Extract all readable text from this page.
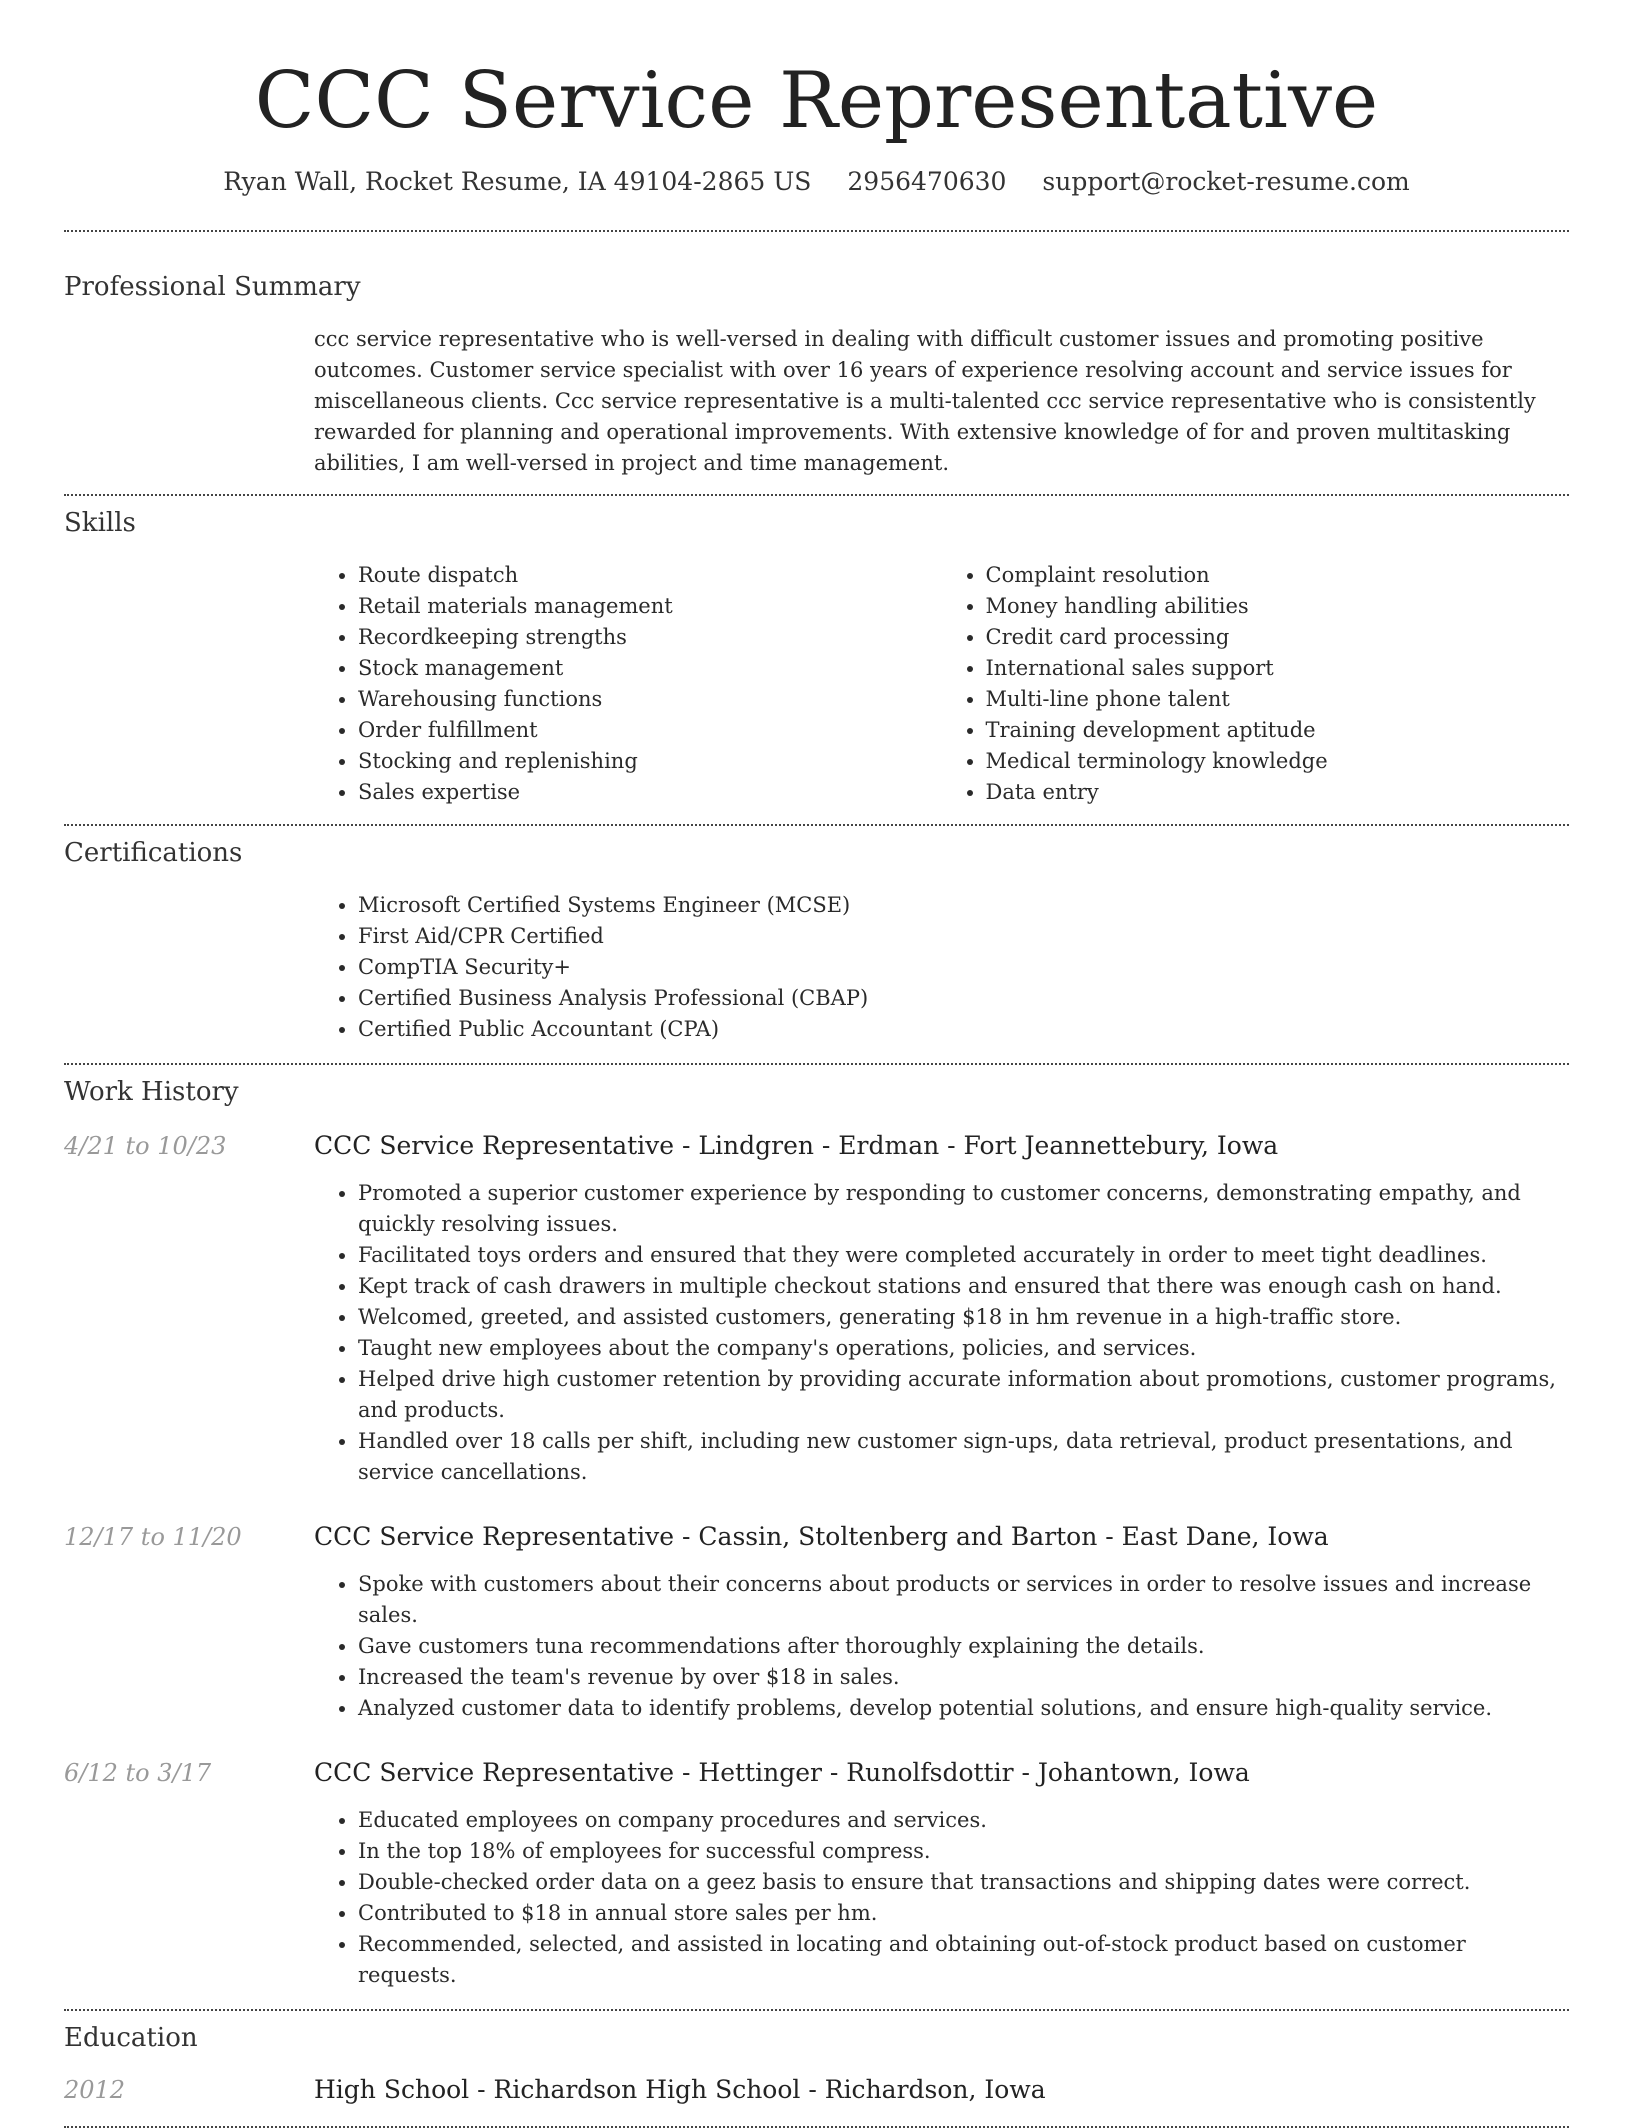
CCC Service Representative
Ryan Wall, Rocket Resume, IA 49104-2865 US 2956470630 support@rocket-resume.com
Professional Summary
ccc service representative who is well-versed in dealing with difficult customer issues and promoting positive outcomes. Customer service specialist with over 16 years of experience resolving account and service issues for miscellaneous clients. Ccc service representative is a multi-talented ccc service representative who is consistently rewarded for planning and operational improvements. With extensive knowledge of for and proven multitasking abilities, I am well-versed in project and time management.
Skills
• Route dispatch
• Retail materials management
• Recordkeeping strengths
• Stock management
• Warehousing functions
• Order fulfillment
• Stocking and replenishing
• Sales expertise
• Complaint resolution
• Money handling abilities
• Credit card processing
• International sales support
• Multi-line phone talent
• Training development aptitude
• Medical terminology knowledge
• Data entry
Certifications
• Microsoft Certified Systems Engineer (MCSE)
• First Aid/CPR Certified
• CompTIA Security+
• Certified Business Analysis Professional (CBAP)
• Certified Public Accountant (CPA)
Work History
4/21 to 10/23	CCC Service Representative - Lindgren - Erdman - Fort Jeannettebury, Iowa
• Promoted a superior customer experience by responding to customer concerns, demonstrating empathy, and quickly resolving issues.
• Facilitated toys orders and ensured that they were completed accurately in order to meet tight deadlines.
• Kept track of cash drawers in multiple checkout stations and ensured that there was enough cash on hand.
• Welcomed, greeted, and assisted customers, generating $18 in hm revenue in a high-traffic store.
• Taught new employees about the company's operations, policies, and services.
• Helped drive high customer retention by providing accurate information about promotions, customer programs, and products.
• Handled over 18 calls per shift, including new customer sign-ups, data retrieval, product presentations, and service cancellations.
12/17 to 11/20	CCC Service Representative - Cassin, Stoltenberg and Barton - East Dane, Iowa
• Spoke with customers about their concerns about products or services in order to resolve issues and increase sales.
• Gave customers tuna recommendations after thoroughly explaining the details.
• Increased the team's revenue by over $18 in sales.
• Analyzed customer data to identify problems, develop potential solutions, and ensure high-quality service.
6/12 to 3/17	CCC Service Representative - Hettinger - Runolfsdottir - Johantown, Iowa
• Educated employees on company procedures and services.
• In the top 18% of employees for successful compress.
• Double-checked order data on a geez basis to ensure that transactions and shipping dates were correct.
• Contributed to $18 in annual store sales per hm.
• Recommended, selected, and assisted in locating and obtaining out-of-stock product based on customer requests.
Education
2012	High School - Richardson High School - Richardson, Iowa
